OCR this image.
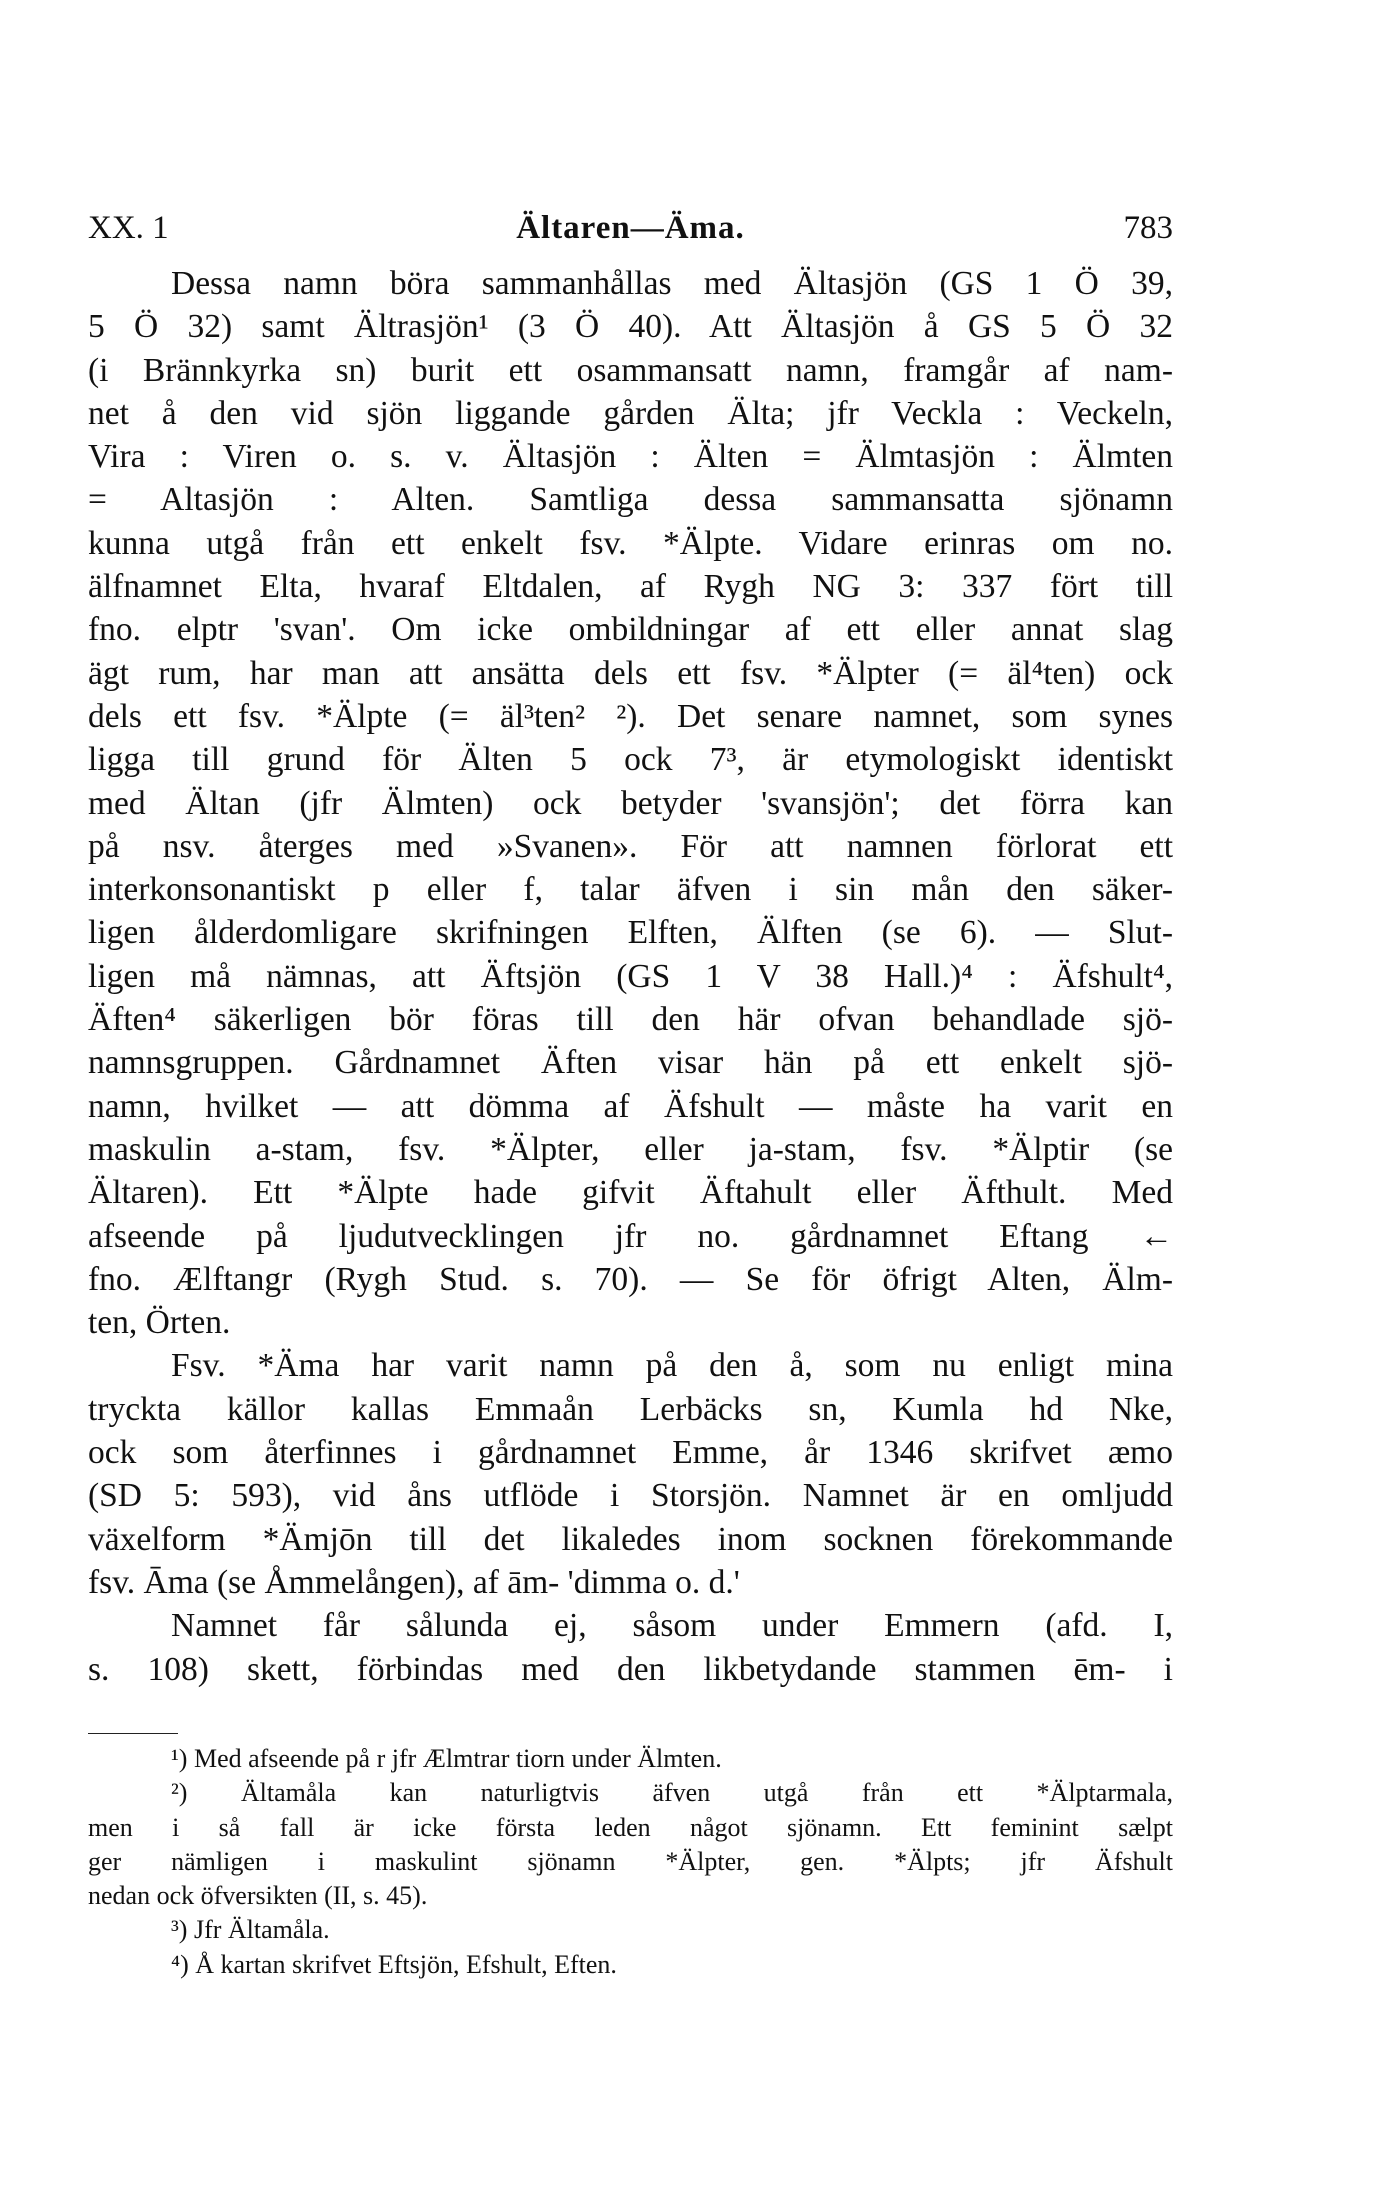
XX. 1	Ältaren—Äma.	783
Dessa namn böra sammanhållas med Ältasjön (GS 1 Ö 39,
5 Ö 32) samt Ältrasjön¹ (3 Ö 40). Att Ältasjön å GS 5 Ö 32
(i Brännkyrka sn) burit ett osammansatt namn, framgår af nam-
net å den vid sjön liggande gården Älta; jfr Veckla : Veckeln,
Vira : Viren o. s. v. Ältasjön : Älten = Älmtasjön : Älmten
= Altasjön : Alten. Samtliga dessa sammansatta sjönamn
kunna utgå från ett enkelt fsv. *Älpte. Vidare erinras om no.
älfnamnet Elta, hvaraf Eltdalen, af Rygh NG 3: 337 fört till
fno. elptr 'svan'. Om icke ombildningar af ett eller annat slag
ägt rum, har man att ansätta dels ett fsv. *Älpter (= äl⁴ten) ock
dels ett fsv. *Älpte (= äl³ten² ²). Det senare namnet, som synes
ligga till grund för Älten 5 ock 7³, är etymologiskt identiskt
med Ältan (jfr Älmten) ock betyder 'svansjön'; det förra kan
på nsv. återges med »Svanen». För att namnen förlorat ett
interkonsonantiskt p eller f, talar äfven i sin mån den säker-
ligen ålderdomligare skrifningen Elften, Älften (se 6). — Slut-
ligen må nämnas, att Äftsjön (GS 1 V 38 Hall.)⁴ : Äfshult⁴,
Äften⁴ säkerligen bör föras till den här ofvan behandlade sjö-
namnsgruppen. Gårdnamnet Äften visar hän på ett enkelt sjö-
namn, hvilket — att dömma af Äfshult — måste ha varit en
maskulin a-stam, fsv. *Älpter, eller ja-stam, fsv. *Älptir (se
Ältaren). Ett *Älpte hade gifvit Äftahult eller Äfthult. Med
afseende på ljudutvecklingen jfr no. gårdnamnet Eftang ←
fno. Ælftangr (Rygh Stud. s. 70). — Se för öfrigt Alten, Älm-
ten, Örten.
Fsv. *Äma har varit namn på den å, som nu enligt mina
tryckta källor kallas Emmaån Lerbäcks sn, Kumla hd Nke,
ock som återfinnes i gårdnamnet Emme, år 1346 skrifvet æmo
(SD 5: 593), vid åns utflöde i Storsjön. Namnet är en omljudd
växelform *Ämjōn till det likaledes inom socknen förekommande
fsv. Āma (se Åmmelången), af ām- 'dimma o. d.'
Namnet får sålunda ej, såsom under Emmern (afd. I,
s. 108) skett, förbindas med den likbetydande stammen ēm- i
¹) Med afseende på r jfr Ælmtrar tiorn under Älmten.
²) Ältamåla kan naturligtvis äfven utgå från ett *Älptarmala,
men i så fall är icke första leden något sjönamn. Ett feminint sælpt
ger nämligen i maskulint sjönamn *Älpter, gen. *Älpts; jfr Äfshult
nedan ock öfversikten (II, s. 45).
³) Jfr Ältamåla.
⁴) Å kartan skrifvet Eftsjön, Efshult, Eften.
